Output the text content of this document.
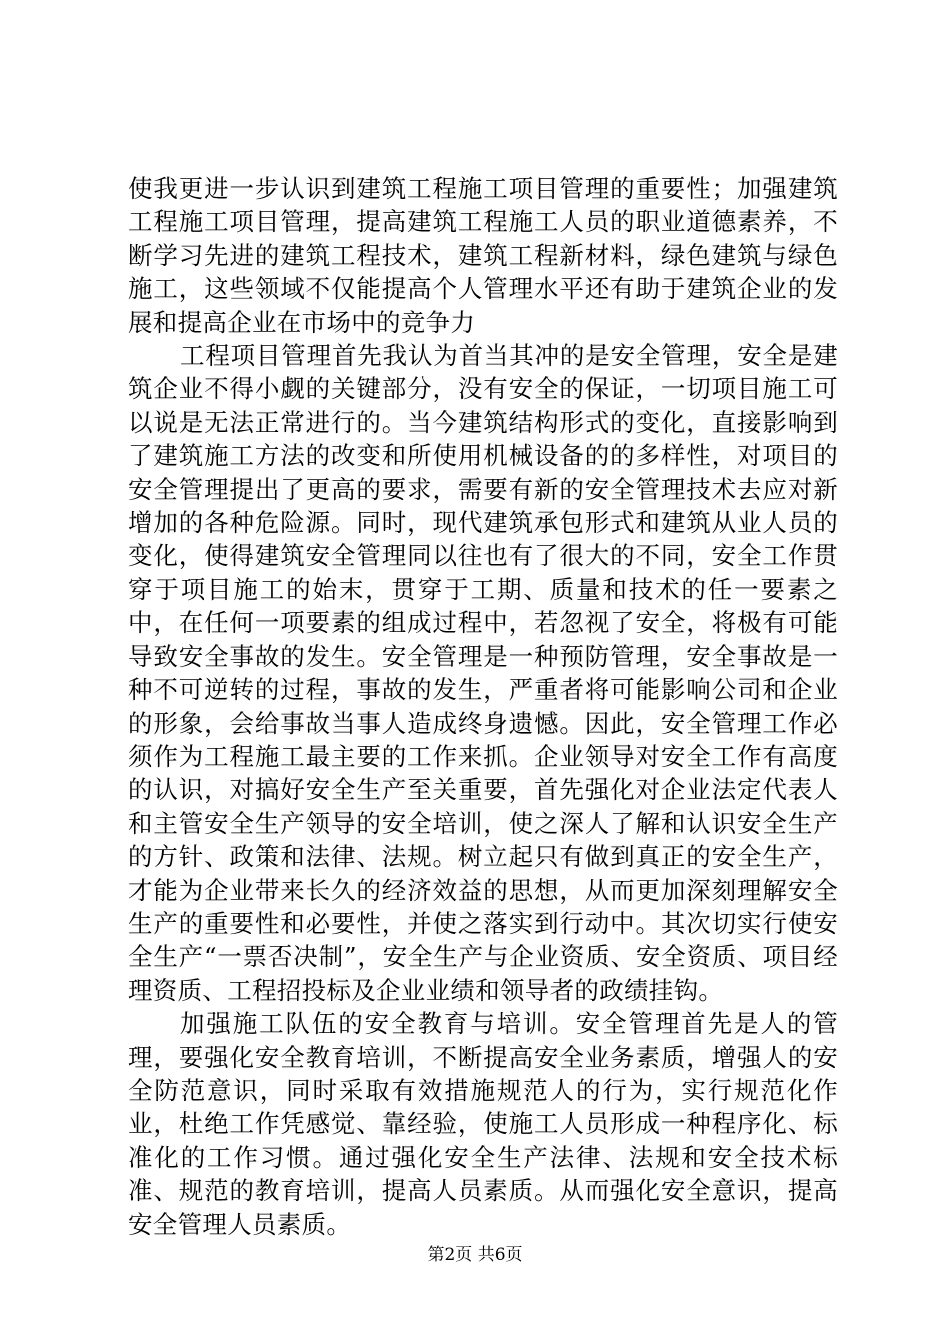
使我更进一步认识到建筑工程施工项目管理的重要性；加强建筑工程施工项目管理，提高建筑工程施工人员的职业道德素养，不断学习先进的建筑工程技术，建筑工程新材料，绿色建筑与绿色施工，这些领域不仅能提高个人管理水平还有助于建筑企业的发展和提高企业在市场中的竞争力

工程项目管理首先我认为首当其冲的是安全管理，安全是建筑企业不得小觑的关键部分，没有安全的保证，一切项目施工可以说是无法正常进行的。当今建筑结构形式的变化，直接影响到了建筑施工方法的改变和所使用机械设备的的多样性，对项目的安全管理提出了更高的要求，需要有新的安全管理技术去应对新增加的各种危险源。同时，现代建筑承包形式和建筑从业人员的变化，使得建筑安全管理同以往也有了很大的不同，安全工作贯穿于项目施工的始末，贯穿于工期、质量和技术的任一要素之中，在任何一项要素的组成过程中，若忽视了安全，将极有可能导致安全事故的发生。安全管理是一种预防管理，安全事故是一种不可逆转的过程，事故的发生，严重者将可能影响公司和企业的形象，会给事故当事人造成终身遗憾。因此，安全管理工作必须作为工程施工最主要的工作来抓。企业领导对安全工作有高度的认识，对搞好安全生产至关重要，首先强化对企业法定代表人和主管安全生产领导的安全培训，使之深人了解和认识安全生产的方针、政策和法律、法规。树立起只有做到真正的安全生产，才能为企业带来长久的经济效益的思想，从而更加深刻理解安全生产的重要性和必要性，并使之落实到行动中。其次切实行使安全生产“一票否决制”，安全生产与企业资质、安全资质、项目经理资质、工程招投标及企业业绩和领导者的政绩挂钩。

加强施工队伍的安全教育与培训。安全管理首先是人的管理，要强化安全教育培训，不断提高安全业务素质，增强人的安全防范意识，同时采取有效措施规范人的行为，实行规范化作业，杜绝工作凭感觉、靠经验，使施工人员形成一种程序化、标准化的工作习惯。通过强化安全生产法律、法规和安全技术标准、规范的教育培训，提高人员素质。从而强化安全意识，提高安全管理人员素质。

第2页 共6页
